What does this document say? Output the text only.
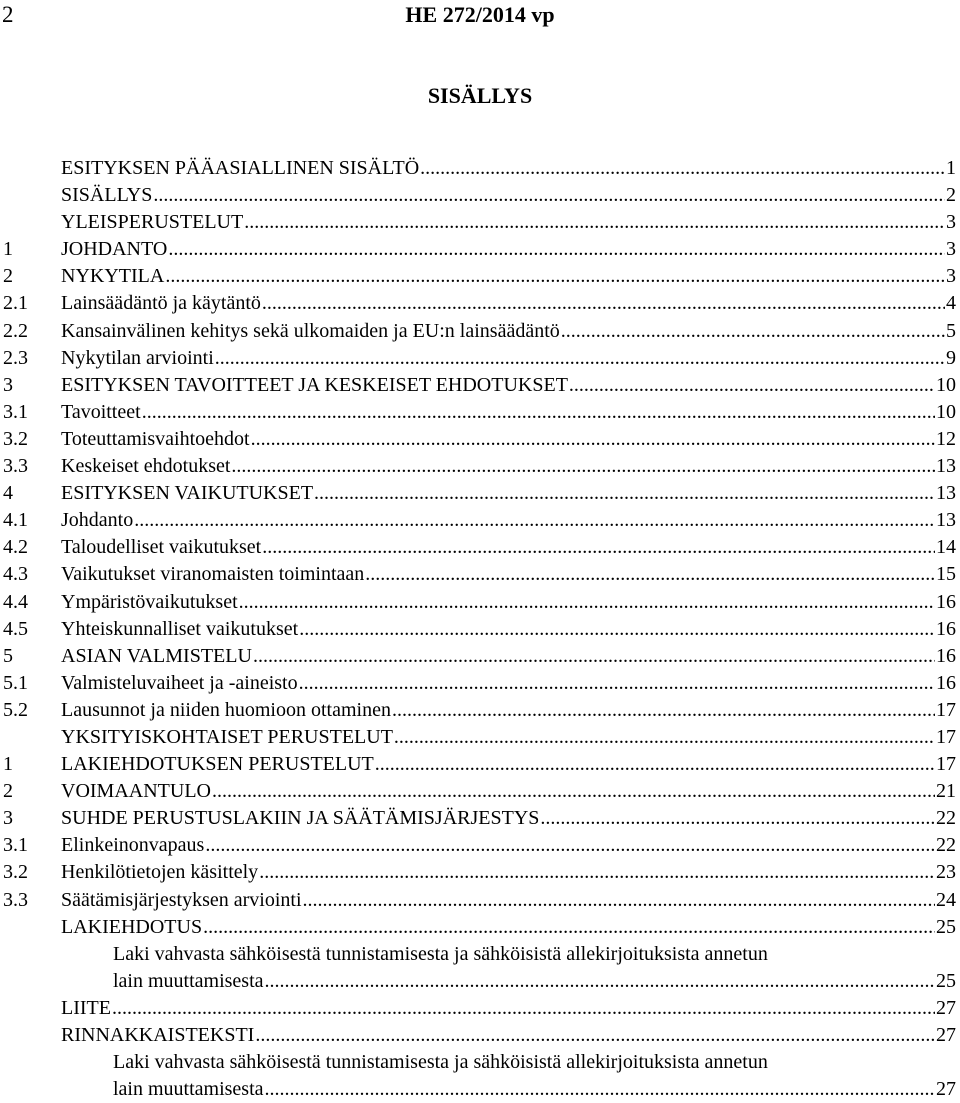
2	HE 272/2014 vp
SISÄLLYS
ESITYKSEN PÄÄASIALLINEN SISÄLTÖ .....	1
SISÄLLYS .....	2
YLEISPERUSTELUT .....	3
1	JOHDANTO .....	3
2	NYKYTILA .....	3
2.1	Lainsäädäntö ja käytäntö .....	4
2.2	Kansainvälinen kehitys sekä ulkomaiden ja EU:n lainsäädäntö .....	5
2.3	Nykytilan arviointi .....	9
3	ESITYKSEN TAVOITTEET JA KESKEISET EHDOTUKSET .....	10
3.1	Tavoitteet .....	10
3.2	Toteuttamisvaihtoehdot .....	12
3.3	Keskeiset ehdotukset .....	13
4	ESITYKSEN VAIKUTUKSET .....	13
4.1	Johdanto .....	13
4.2	Taloudelliset vaikutukset .....	14
4.3	Vaikutukset viranomaisten toimintaan .....	15
4.4	Ympäristövaikutukset .....	16
4.5	Yhteiskunnalliset vaikutukset .....	16
5	ASIAN VALMISTELU .....	16
5.1	Valmisteluvaiheet ja -aineisto .....	16
5.2	Lausunnot ja niiden huomioon ottaminen .....	17
YKSITYISKOHTAISET PERUSTELUT .....	17
1	LAKIEHDOTUKSEN PERUSTELUT .....	17
2	VOIMAANTULO .....	21
3	SUHDE PERUSTUSLAKIIN JA SÄÄTÄMISJÄRJESTYS .....	22
3.1	Elinkeinonvapaus .....	22
3.2	Henkilötietojen käsittely .....	23
3.3	Säätämisjärjestyksen arviointi .....	24
LAKIEHDOTUS .....	25
Laki vahvasta sähköisestä tunnistamisesta ja sähköisistä allekirjoituksista annetun
lain muuttamisesta .....	25
LIITE .....	27
RINNAKKAISTEKSTI .....	27
Laki vahvasta sähköisestä tunnistamisesta ja sähköisistä allekirjoituksista annetun
lain muuttamisesta .....	27
